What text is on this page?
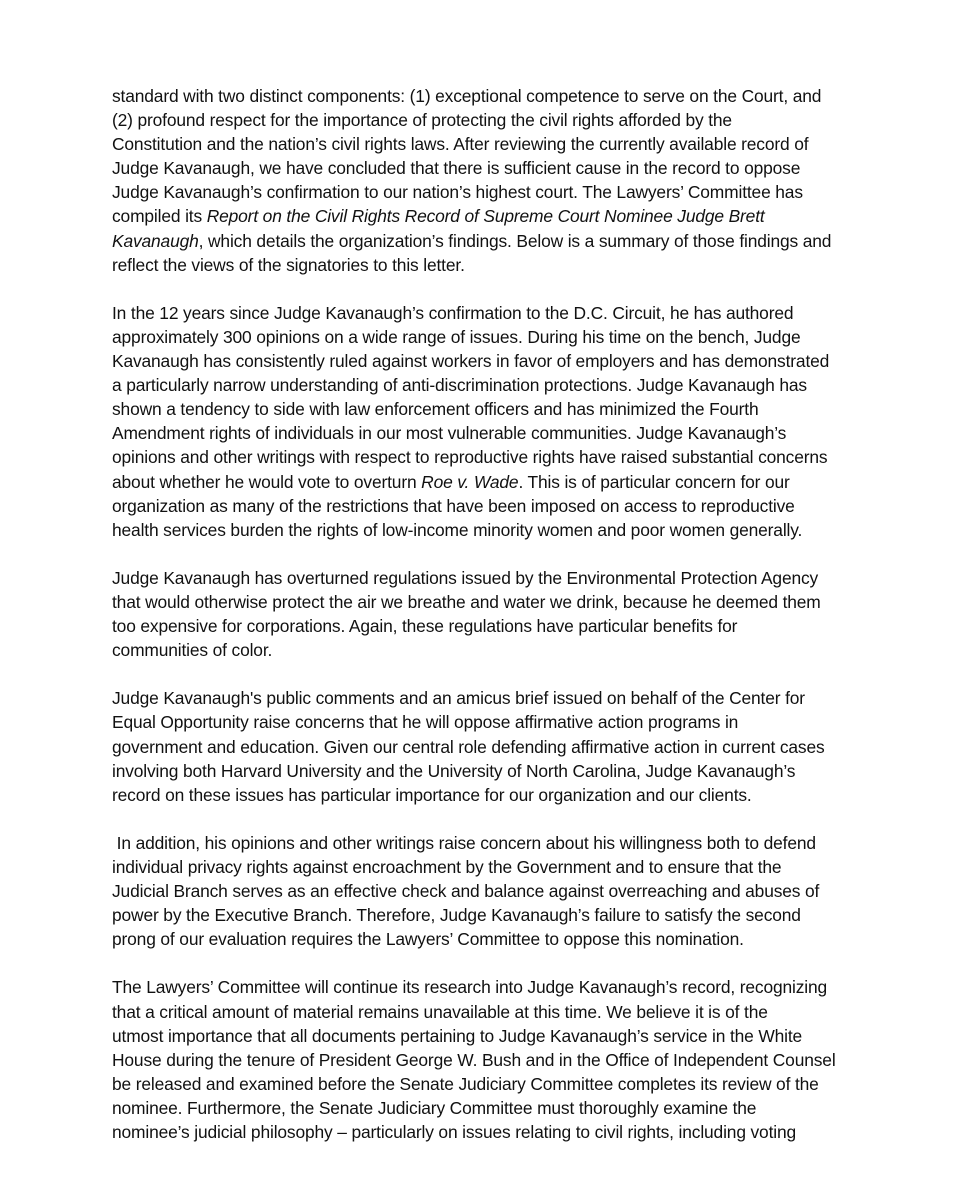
standard with two distinct components: (1) exceptional competence to serve on the Court, and
(2) profound respect for the importance of protecting the civil rights afforded by the
Constitution and the nation’s civil rights laws. After reviewing the currently available record of
Judge Kavanaugh, we have concluded that there is sufficient cause in the record to oppose
Judge Kavanaugh’s confirmation to our nation’s highest court. The Lawyers’ Committee has
compiled its Report on the Civil Rights Record of Supreme Court Nominee Judge Brett
Kavanaugh, which details the organization’s findings. Below is a summary of those findings and
reflect the views of the signatories to this letter.

In the 12 years since Judge Kavanaugh’s confirmation to the D.C. Circuit, he has authored
approximately 300 opinions on a wide range of issues. During his time on the bench, Judge
Kavanaugh has consistently ruled against workers in favor of employers and has demonstrated
a particularly narrow understanding of anti-discrimination protections. Judge Kavanaugh has
shown a tendency to side with law enforcement officers and has minimized the Fourth
Amendment rights of individuals in our most vulnerable communities. Judge Kavanaugh’s
opinions and other writings with respect to reproductive rights have raised substantial concerns
about whether he would vote to overturn Roe v. Wade. This is of particular concern for our
organization as many of the restrictions that have been imposed on access to reproductive
health services burden the rights of low-income minority women and poor women generally.

Judge Kavanaugh has overturned regulations issued by the Environmental Protection Agency
that would otherwise protect the air we breathe and water we drink, because he deemed them
too expensive for corporations. Again, these regulations have particular benefits for
communities of color.

Judge Kavanaugh's public comments and an amicus brief issued on behalf of the Center for
Equal Opportunity raise concerns that he will oppose affirmative action programs in
government and education. Given our central role defending affirmative action in current cases
involving both Harvard University and the University of North Carolina, Judge Kavanaugh’s
record on these issues has particular importance for our organization and our clients.

In addition, his opinions and other writings raise concern about his willingness both to defend
individual privacy rights against encroachment by the Government and to ensure that the
Judicial Branch serves as an effective check and balance against overreaching and abuses of
power by the Executive Branch. Therefore, Judge Kavanaugh’s failure to satisfy the second
prong of our evaluation requires the Lawyers’ Committee to oppose this nomination.

The Lawyers’ Committee will continue its research into Judge Kavanaugh’s record, recognizing
that a critical amount of material remains unavailable at this time. We believe it is of the
utmost importance that all documents pertaining to Judge Kavanaugh’s service in the White
House during the tenure of President George W. Bush and in the Office of Independent Counsel
be released and examined before the Senate Judiciary Committee completes its review of the
nominee. Furthermore, the Senate Judiciary Committee must thoroughly examine the
nominee’s judicial philosophy – particularly on issues relating to civil rights, including voting
